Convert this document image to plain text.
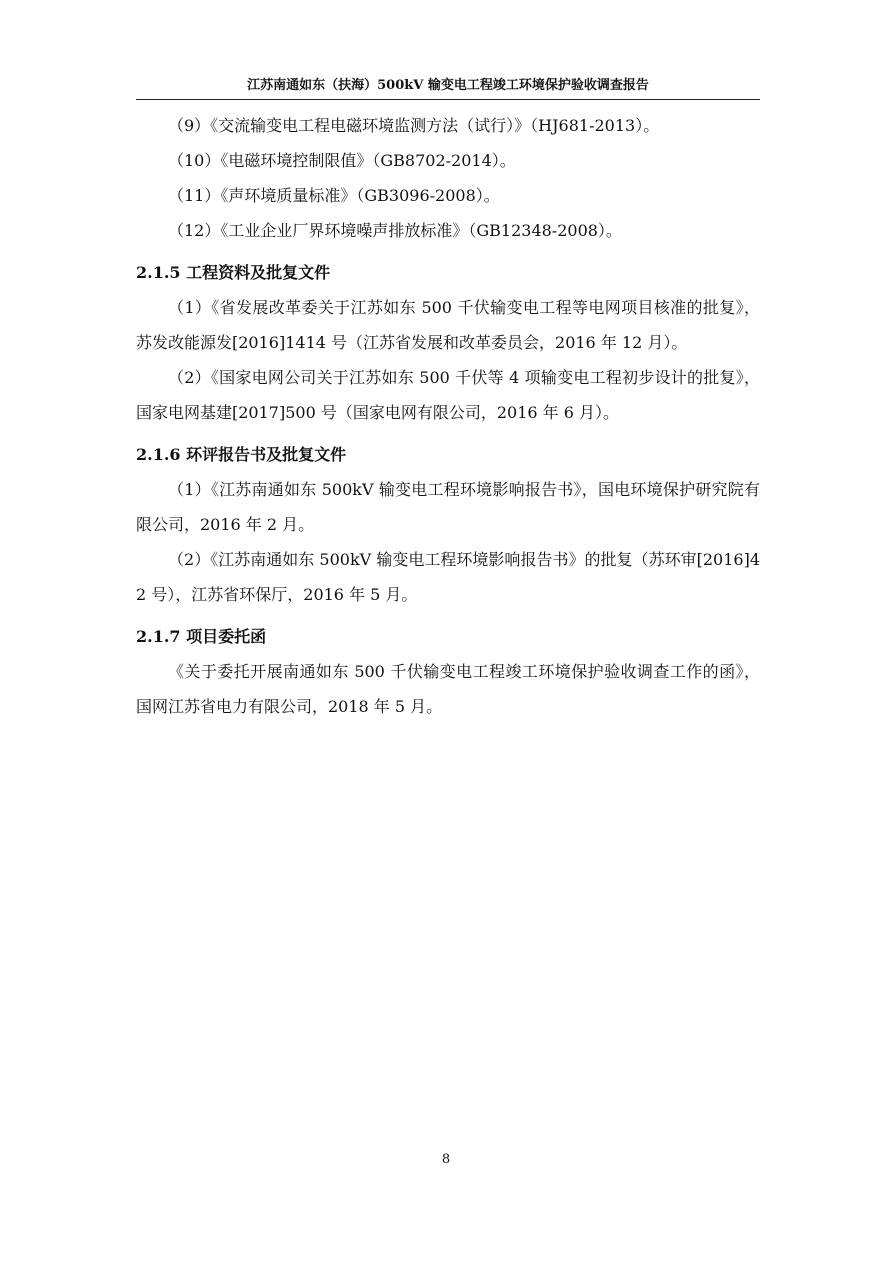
江苏南通如东（扶海）500kV 输变电工程竣工环境保护验收调查报告

（9）《交流输变电工程电磁环境监测方法（试行）》（HJ681-2013）。

（10）《电磁环境控制限值》（GB8702-2014）。

（11）《声环境质量标准》（GB3096-2008）。

（12）《工业企业厂界环境噪声排放标准》（GB12348-2008）。

2.1.5 工程资料及批复文件

（1）《省发展改革委关于江苏如东 500 千伏输变电工程等电网项目核准的批复》，苏发改能源发[2016]1414 号（江苏省发展和改革委员会，2016 年 12 月）。

（2）《国家电网公司关于江苏如东 500 千伏等 4 项输变电工程初步设计的批复》，国家电网基建[2017]500 号（国家电网有限公司，2016 年 6 月）。

2.1.6 环评报告书及批复文件

（1）《江苏南通如东 500kV 输变电工程环境影响报告书》，国电环境保护研究院有限公司，2016 年 2 月。

（2）《江苏南通如东 500kV 输变电工程环境影响报告书》的批复（苏环审[2016]42 号），江苏省环保厅，2016 年 5 月。

2.1.7 项目委托函

《关于委托开展南通如东 500 千伏输变电工程竣工环境保护验收调查工作的函》，国网江苏省电力有限公司，2018 年 5 月。

8
